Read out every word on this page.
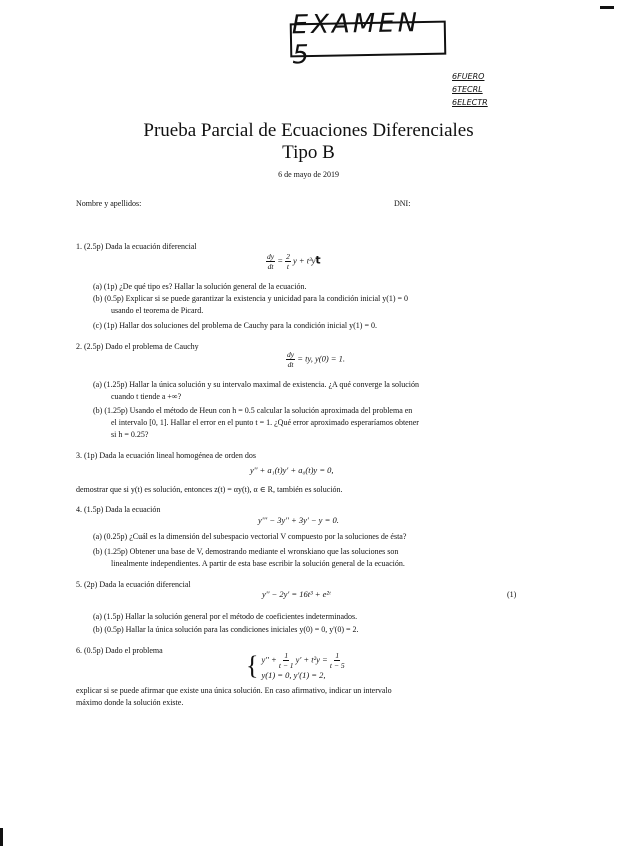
EXAMEN 5
6FUERO
6TECRL
6ELECTR
Prueba Parcial de Ecuaciones Diferenciales
Tipo B
6 de mayo de 2019
Nombre y apellidos:	DNI:
1. (2.5p) Dada la ecuación diferencial
$\frac{dy}{dt} = \frac{2}{t}$ y + t³yt
(a) (1p) ¿De qué tipo es? Hallar la solución general de la ecuación.
(b) (0.5p) Explicar si se puede garantizar la existencia y unicidad para la condición inicial y(1) = 0
usando el teorema de Picard.
(c) (1p) Hallar dos soluciones del problema de Cauchy para la condición inicial y(1) = 0.
2. (2.5p) Dado el problema de Cauchy
$\frac{dy}{dt}$ = ty, y(0) = 1.
(a) (1.25p) Hallar la única solución y su intervalo maximal de existencia. ¿A qué converge la solución
cuando t tiende a +∞?
(b) (1.25p) Usando el método de Heun con h = 0.5 calcular la solución aproximada del problema en
el intervalo [0, 1]. Hallar el error en el punto t = 1. ¿Qué error aproximado esperaríamos obtener
si h = 0.25?
3. (1p) Dada la ecuación lineal homogénea de orden dos
y'' + a₁(t)y' + a₀(t)y = 0,
demostrar que si y(t) es solución, entonces z(t) = αy(t), α ∈ R, también es solución.
4. (1.5p) Dada la ecuación
y''' − 3y'' + 3y' − y = 0.
(a) (0.25p) ¿Cuál es la dimensión del subespacio vectorial V compuesto por la soluciones de ésta?
(b) (1.25p) Obtener una base de V, demostrando mediante el wronskiano que las soluciones son
linealmente independientes. A partir de esta base escribir la solución general de la ecuación.
5. (2p) Dada la ecuación diferencial
y'' − 2y' = 16t³ + e²ᵗ	(1)
(a) (1.5p) Hallar la solución general por el método de coeficientes indeterminados.
(b) (0.5p) Hallar la única solución para las condiciones iniciales y(0) = 0, y'(0) = 2.
6. (0.5p) Dado el problema	{ $y'' + \frac{1}{t - 1} y' + t^2y = \frac{1}{t - 5}$
y(1) = 0, y'(1) = 2,
explicar si se puede afirmar que existe una única solución. En caso afirmativo, indicar un intervalo
máximo donde la solución existe.
